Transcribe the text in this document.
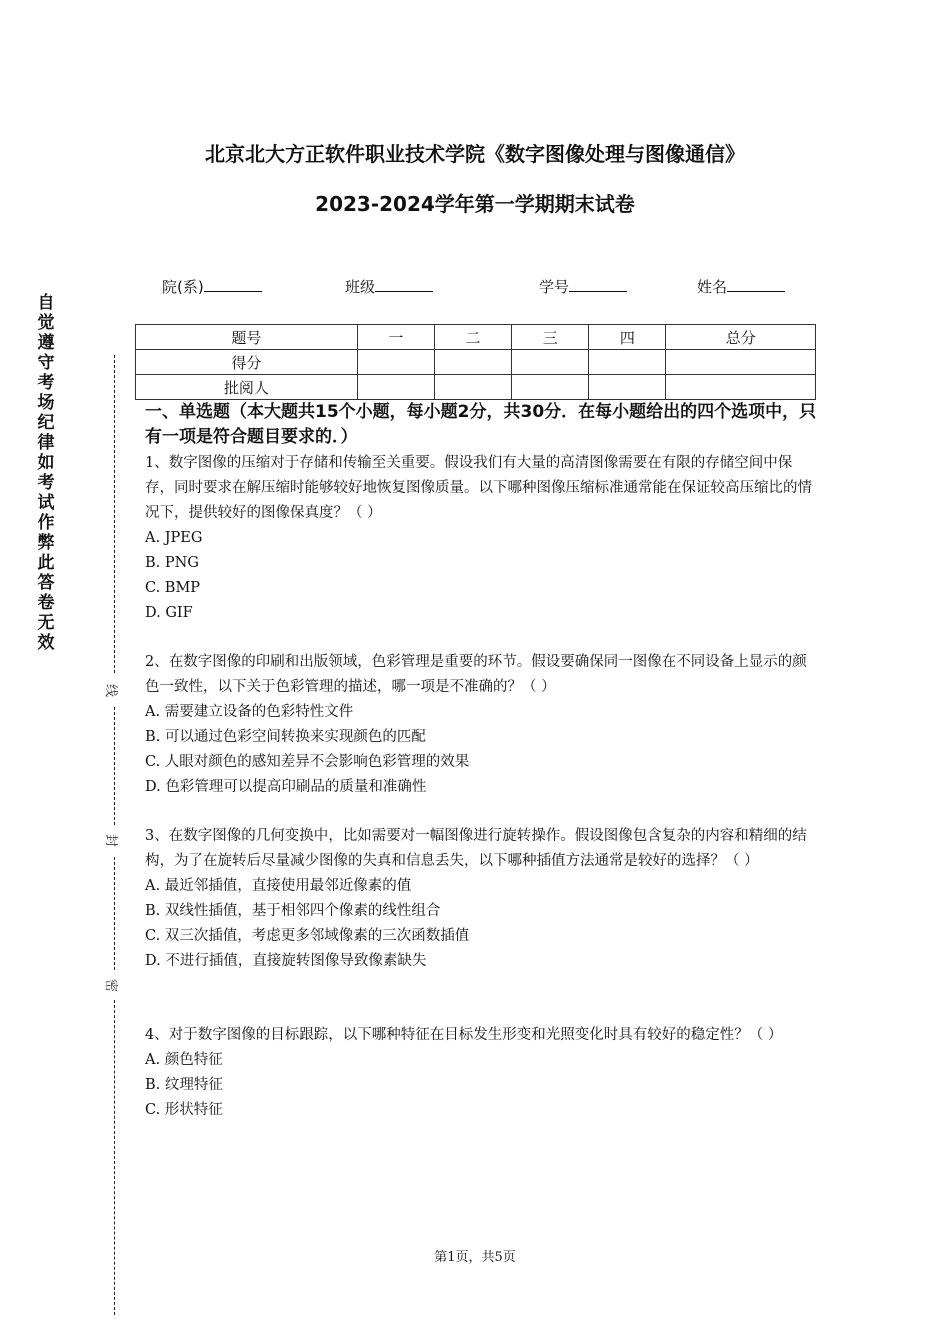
北京北大方正软件职业技术学院《数字图像处理与图像通信》
2023-2024学年第一学期期末试卷
院(系)	班级	学号	姓名
题号	一	二	三	四	总分
得分					
批阅人					
一、单选题（本大题共15个小题，每小题2分，共30分．在每小题给出的四个选项中，只有一项是符合题目要求的．）

1、数字图像的压缩对于存储和传输至关重要。假设我们有大量的高清图像需要在有限的存储空间中保存，同时要求在解压缩时能够较好地恢复图像质量。以下哪种图像压缩标准通常能在保证较高压缩比的情况下，提供较好的图像保真度？（ ）

A. JPEG

B. PNG

C. BMP

D. GIF

2、在数字图像的印刷和出版领域，色彩管理是重要的环节。假设要确保同一图像在不同设备上显示的颜色一致性，以下关于色彩管理的描述，哪一项是不准确的？（ ）

A. 需要建立设备的色彩特性文件

B. 可以通过色彩空间转换来实现颜色的匹配

C. 人眼对颜色的感知差异不会影响色彩管理的效果

D. 色彩管理可以提高印刷品的质量和准确性

3、在数字图像的几何变换中，比如需要对一幅图像进行旋转操作。假设图像包含复杂的内容和精细的结构，为了在旋转后尽量减少图像的失真和信息丢失，以下哪种插值方法通常是较好的选择？（ ）

A. 最近邻插值，直接使用最邻近像素的值

B. 双线性插值，基于相邻四个像素的线性组合

C. 双三次插值，考虑更多邻域像素的三次函数插值

D. 不进行插值，直接旋转图像导致像素缺失

4、对于数字图像的目标跟踪，以下哪种特征在目标发生形变和光照变化时具有较好的稳定性？（ ）

A. 颜色特征

B. 纹理特征

C. 形状特征

自觉遵守考场纪律如考试作弊此答卷无效
线
封
密
第1页，共5页
